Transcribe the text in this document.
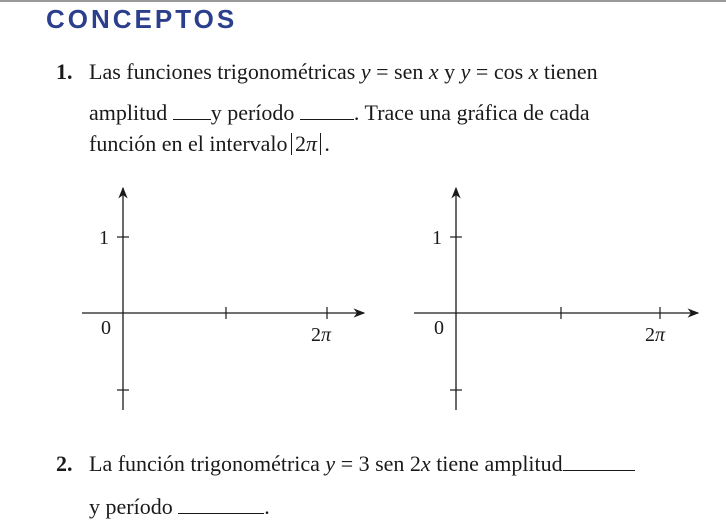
CONCEPTOS
1. Las funciones trigonométricas y = sen x y y = cos x tienen
amplitud y período . Trace una gráfica de cada
función en el intervalo 2π .
1
0	2π
1
0	2π
2. La función trigonométrica y = 3 sen 2x tiene amplitud
y período	.
